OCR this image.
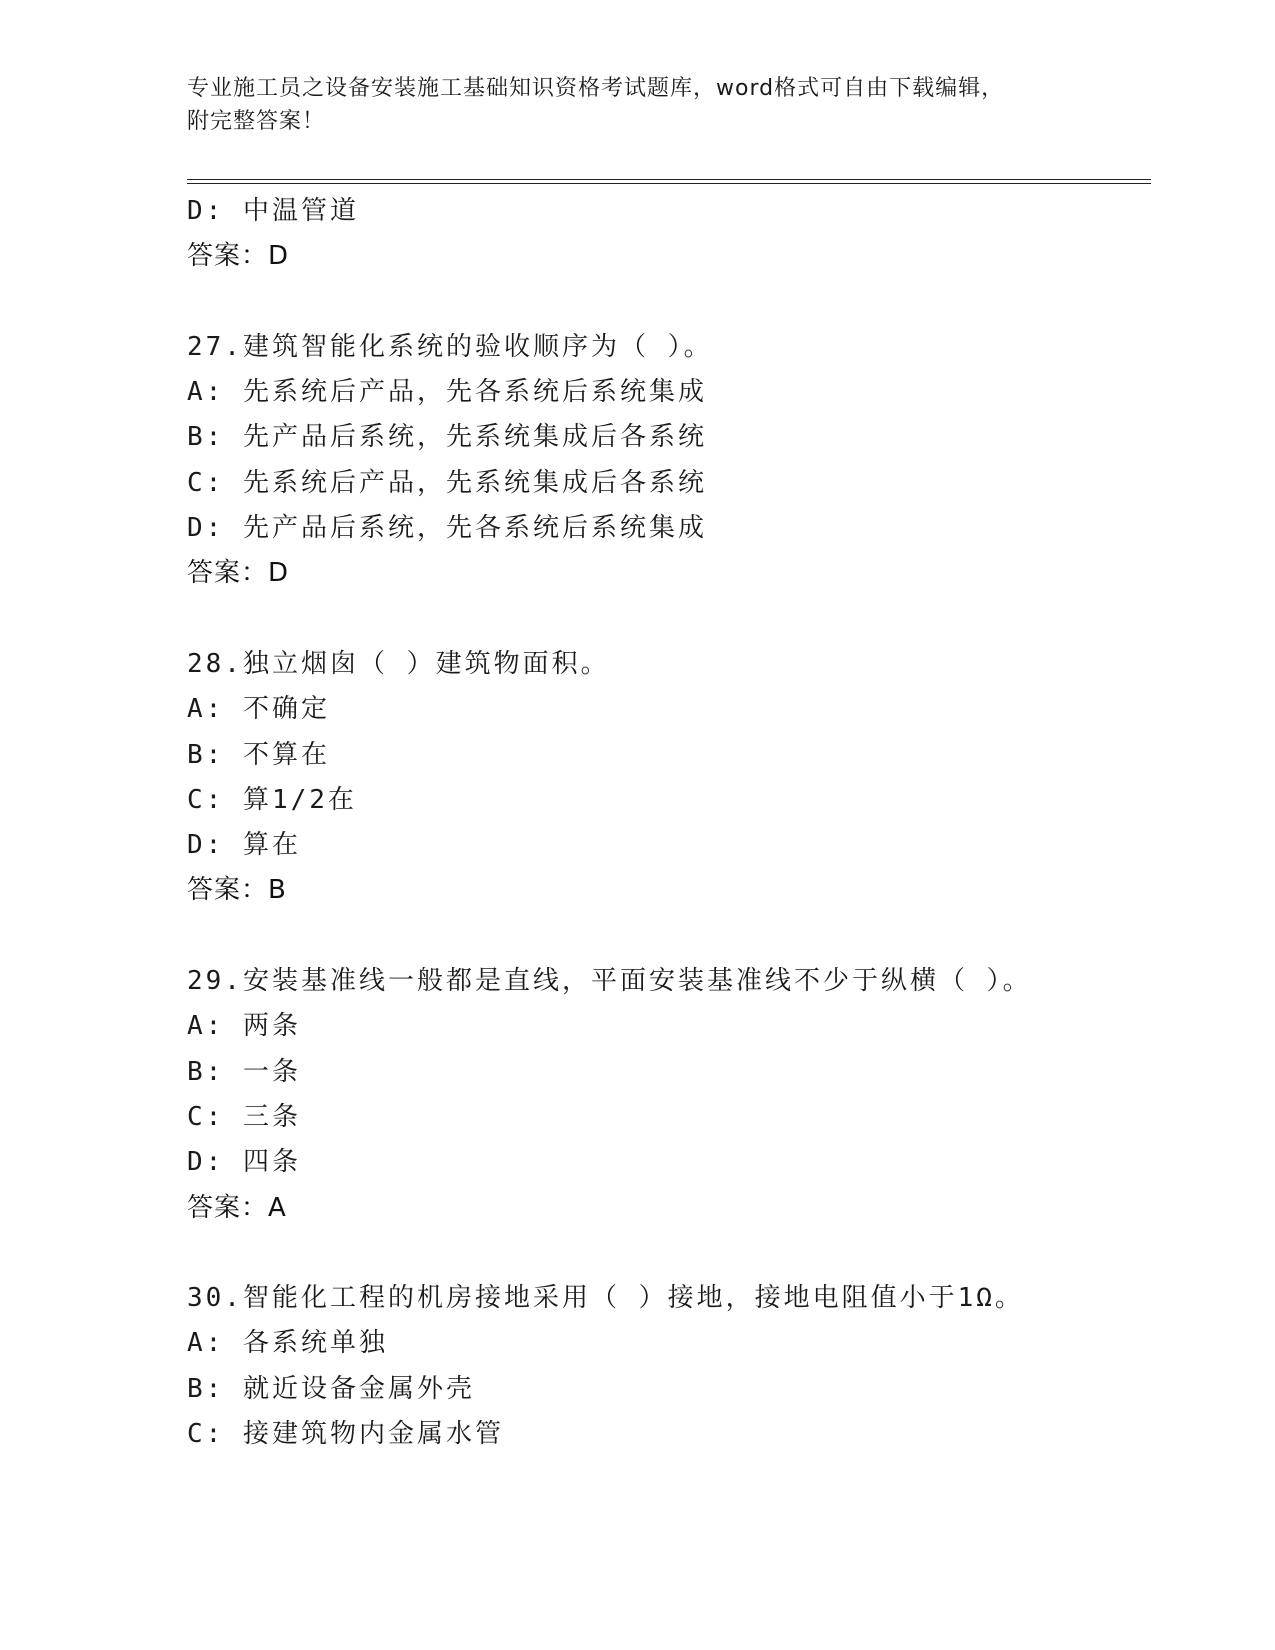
专业施工员之设备安装施工基础知识资格考试题库，word格式可自由下载编辑，
附完整答案！
D: 中温管道
答案：D
27.建筑智能化系统的验收顺序为（ ）。
A: 先系统后产品，先各系统后系统集成
B: 先产品后系统，先系统集成后各系统
C: 先系统后产品，先系统集成后各系统
D: 先产品后系统，先各系统后系统集成
答案：D
28.独立烟囱（ ）建筑物面积。
A: 不确定
B: 不算在
C: 算1/2在
D: 算在
答案：B
29.安装基准线一般都是直线，平面安装基准线不少于纵横（ ）。
A: 两条
B: 一条
C: 三条
D: 四条
答案：A
30.智能化工程的机房接地采用（ ）接地，接地电阻值小于1Ω。
A: 各系统单独
B: 就近设备金属外壳
C: 接建筑物内金属水管
